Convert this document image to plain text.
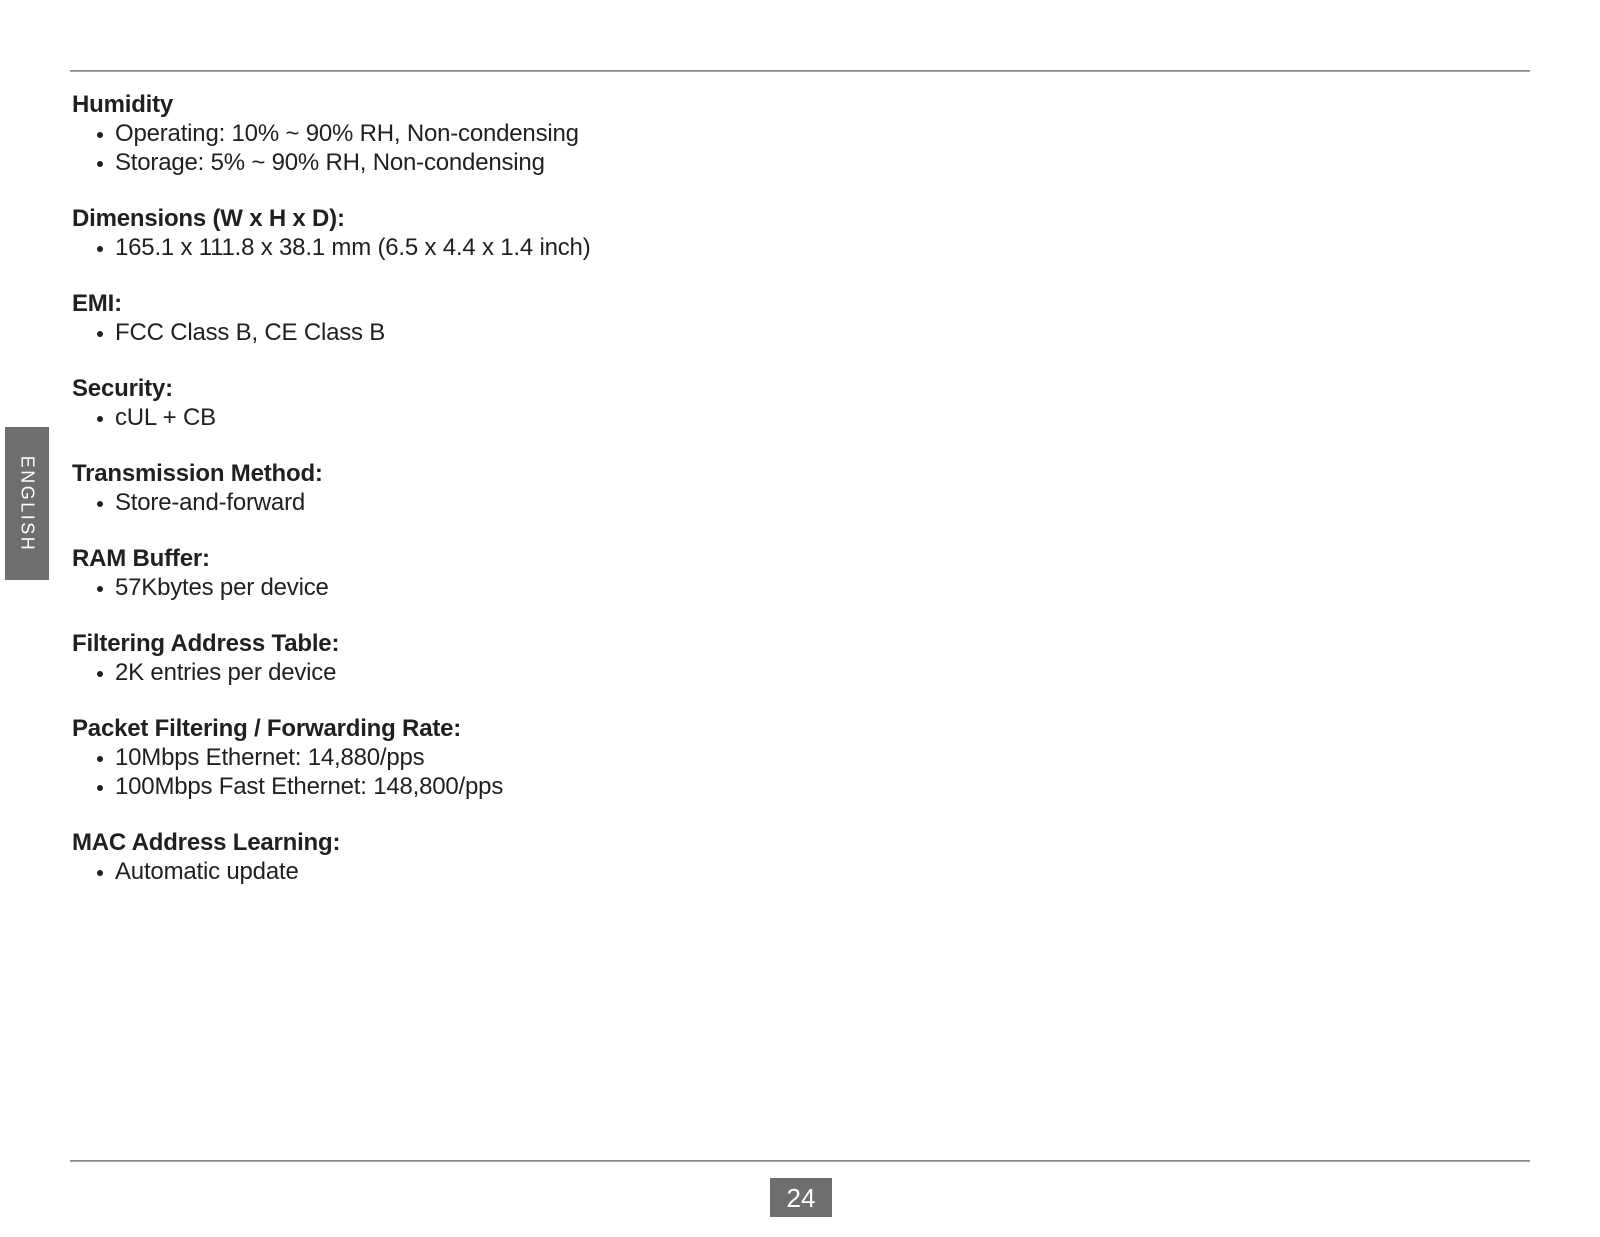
ENGLISH
Humidity
Operating: 10% ~ 90% RH, Non-condensing
Storage: 5% ~ 90% RH, Non-condensing
Dimensions (W x H x D):
165.1 x 111.8 x 38.1 mm (6.5 x 4.4 x 1.4 inch)
EMI:
FCC Class B, CE Class B
Security:
cUL + CB
Transmission Method:
Store-and-forward
RAM Buffer:
57Kbytes per device
Filtering Address Table:
2K entries per device
Packet Filtering / Forwarding Rate:
10Mbps Ethernet: 14,880/pps
100Mbps Fast Ethernet: 148,800/pps
MAC Address Learning:
Automatic update
24
